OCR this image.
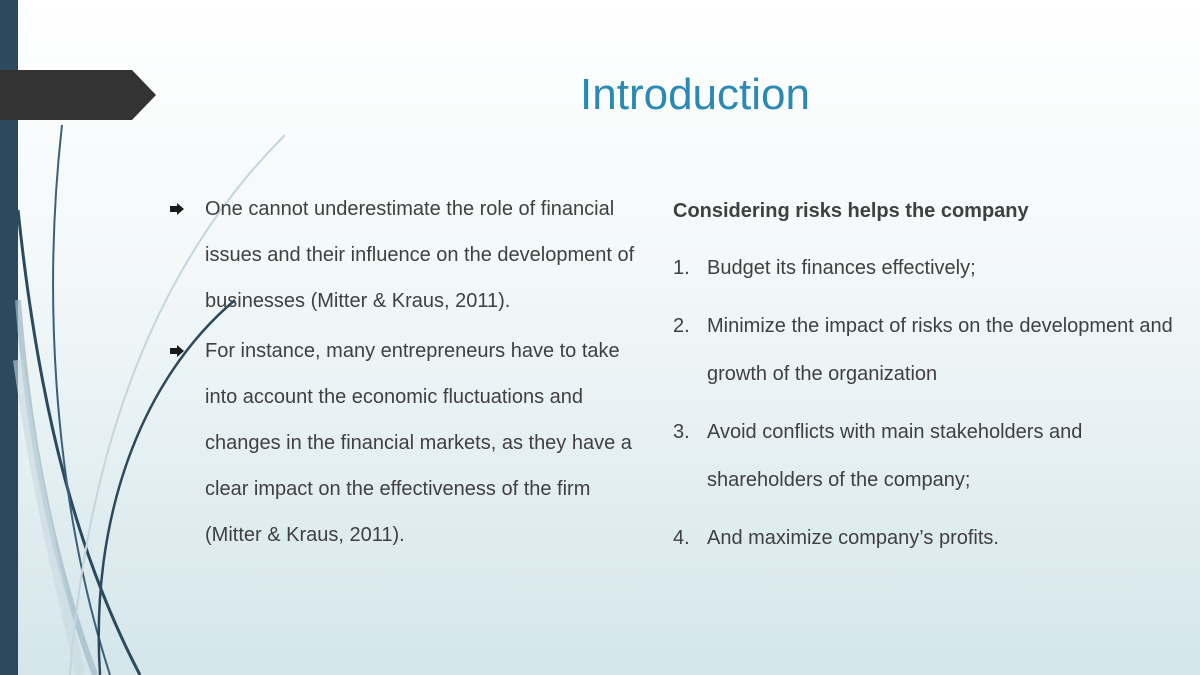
Introduction
One cannot underestimate the role of financial issues and their influence on the development of businesses (Mitter & Kraus, 2011).
For instance, many entrepreneurs have to take into account the economic fluctuations and changes in the financial markets, as they have a clear impact on the effectiveness of the firm (Mitter & Kraus, 2011).
Considering risks helps the company
1. Budget its finances effectively;
2. Minimize the impact of risks on the development and growth of the organization
3. Avoid conflicts with main stakeholders and shareholders of the company;
4. And maximize company’s profits.
